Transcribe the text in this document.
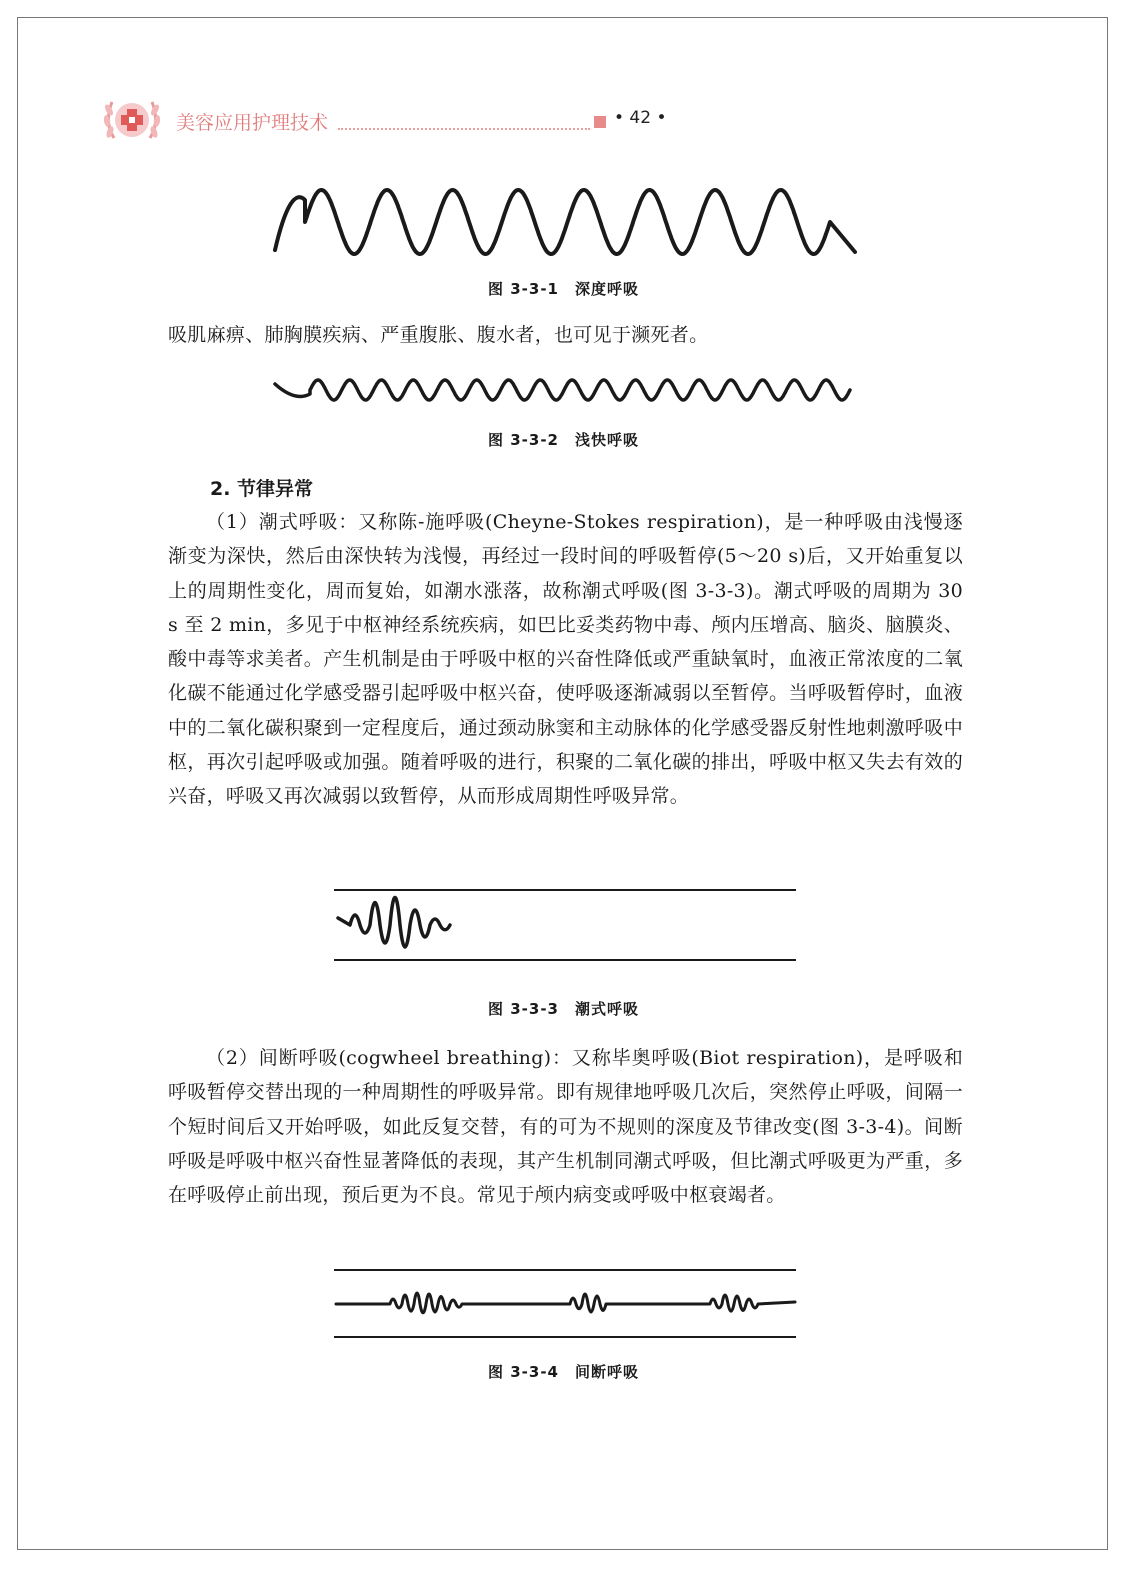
美容应用护理技术	• 42 •
图 3-3-1　深度呼吸

吸肌麻痹、肺胸膜疾病、严重腹胀、腹水者，也可见于濒死者。

图 3-3-2　浅快呼吸
2. 节律异常

（1）潮式呼吸：又称陈-施呼吸(Cheyne-Stokes respiration)，是一种呼吸由浅慢逐渐变为深快，然后由深快转为浅慢，再经过一段时间的呼吸暂停(5～20 s)后，又开始重复以上的周期性变化，周而复始，如潮水涨落，故称潮式呼吸(图 3-3-3)。潮式呼吸的周期为 30 s 至 2 min，多见于中枢神经系统疾病，如巴比妥类药物中毒、颅内压增高、脑炎、脑膜炎、酸中毒等求美者。产生机制是由于呼吸中枢的兴奋性降低或严重缺氧时，血液正常浓度的二氧化碳不能通过化学感受器引起呼吸中枢兴奋，使呼吸逐渐减弱以至暂停。当呼吸暂停时，血液中的二氧化碳积聚到一定程度后，通过颈动脉窦和主动脉体的化学感受器反射性地刺激呼吸中枢，再次引起呼吸或加强。随着呼吸的进行，积聚的二氧化碳的排出，呼吸中枢又失去有效的兴奋，呼吸又再次减弱以致暂停，从而形成周期性呼吸异常。

图 3-3-3　潮式呼吸

（2）间断呼吸(cogwheel breathing)：又称毕奥呼吸(Biot respiration)，是呼吸和呼吸暂停交替出现的一种周期性的呼吸异常。即有规律地呼吸几次后，突然停止呼吸，间隔一个短时间后又开始呼吸，如此反复交替，有的可为不规则的深度及节律改变(图 3-3-4)。间断呼吸是呼吸中枢兴奋性显著降低的表现，其产生机制同潮式呼吸，但比潮式呼吸更为严重，多在呼吸停止前出现，预后更为不良。常见于颅内病变或呼吸中枢衰竭者。

图 3-3-4　间断呼吸
